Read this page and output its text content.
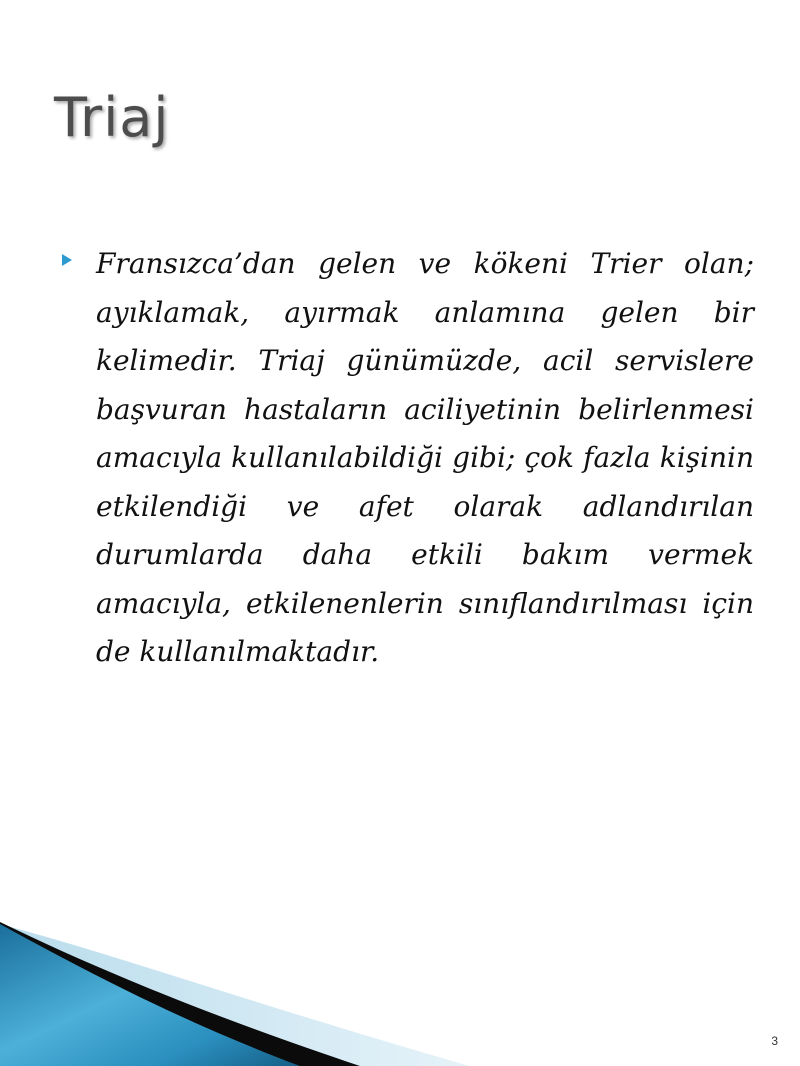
Triaj

Fransızca’dan gelen ve kökeni Trier olan; ayıklamak, ayırmak anlamına gelen bir kelimedir. Triaj günümüzde, acil servislere başvuran hastaların aciliyetinin belirlenmesi amacıyla kullanılabildiği gibi; çok fazla kişinin etkilendiği ve afet olarak adlandırılan durumlarda daha etkili bakım vermek amacıyla, etkilenenlerin sınıflandırılması için de kullanılmaktadır.

3
